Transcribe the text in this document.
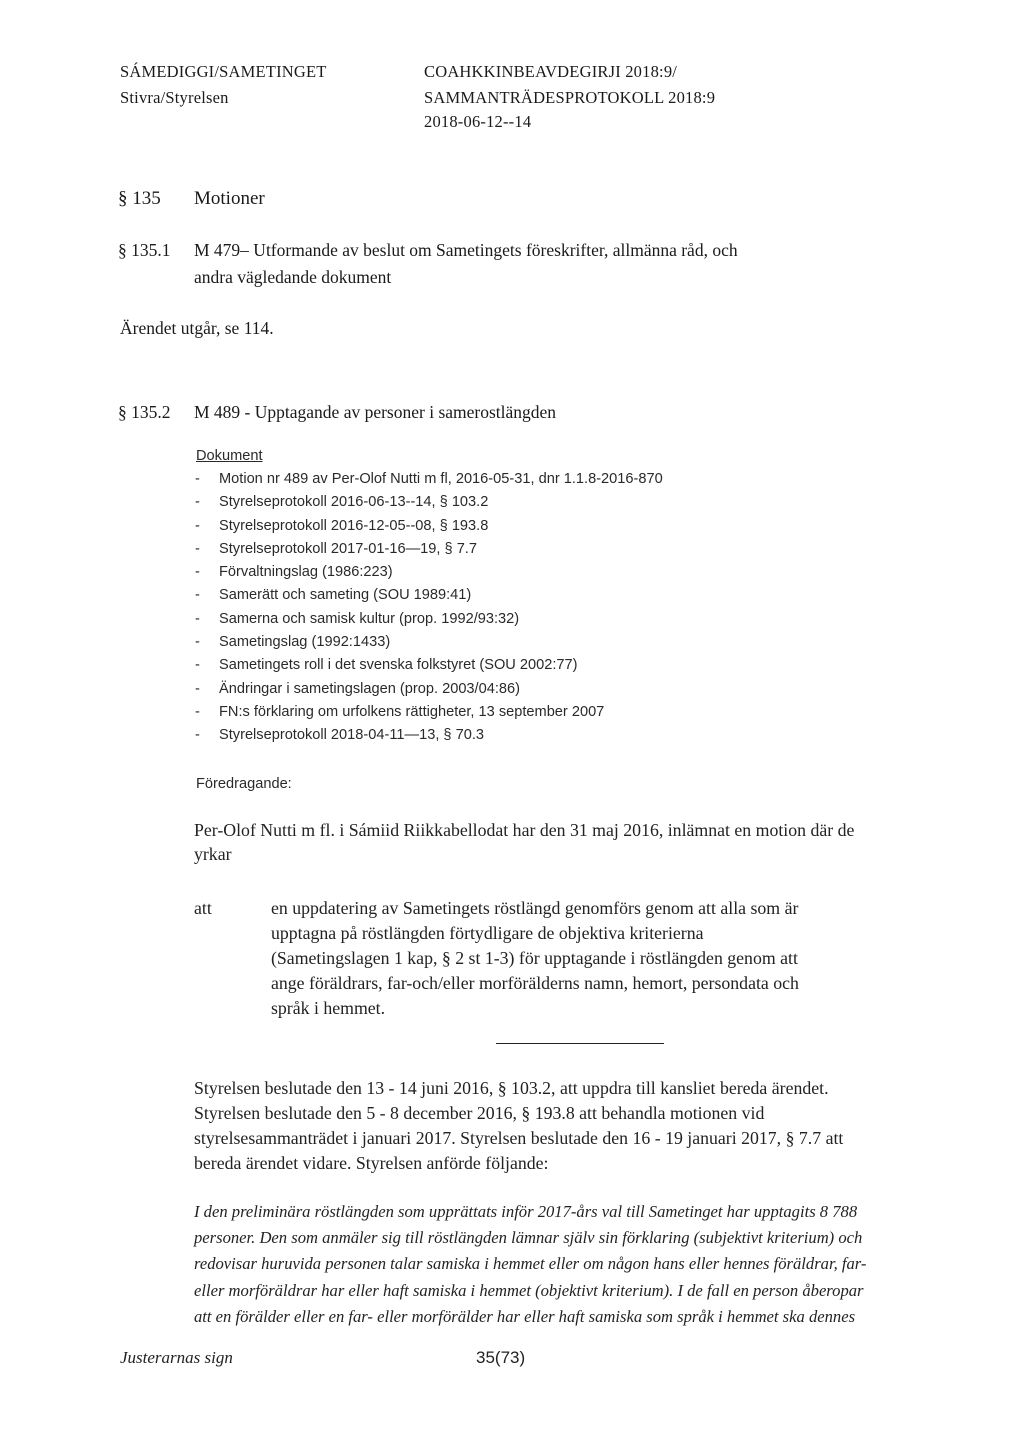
SÁMEDIGGI/SAMETINGET
Stivra/Styrelsen
COAHKKINBEAVDEGIRJI 2018:9/
SAMMANTRÄDESPROTOKOLL 2018:9
2018-06-12--14
§ 135 Motioner
§ 135.1 M 479– Utformande av beslut om Sametingets föreskrifter, allmänna råd, och
andra vägledande dokument
Ärendet utgår, se 114.
§ 135.2 M 489 - Upptagande av personer i samerostlängden
Dokument
- Motion nr 489 av Per-Olof Nutti m fl, 2016-05-31, dnr 1.1.8-2016-870
- Styrelseprotokoll 2016-06-13--14, § 103.2
- Styrelseprotokoll 2016-12-05--08, § 193.8
- Styrelseprotokoll 2017-01-16—19, § 7.7
- Förvaltningslag (1986:223)
- Samerätt och sameting (SOU 1989:41)
- Samerna och samisk kultur (prop. 1992/93:32)
- Sametingslag (1992:1433)
- Sametingets roll i det svenska folkstyret (SOU 2002:77)
- Ändringar i sametingslagen (prop. 2003/04:86)
- FN:s förklaring om urfolkens rättigheter, 13 september 2007
- Styrelseprotokoll 2018-04-11—13, § 70.3
Föredragande:
Per-Olof Nutti m fl. i Sámiid Riikkabellodat har den 31 maj 2016, inlämnat en motion där de
yrkar
att	en uppdatering av Sametingets röstlängd genomförs genom att alla som är
upptagna på röstlängden förtydligare de objektiva kriterierna
(Sametingslagen 1 kap, § 2 st 1-3) för upptagande i röstlängden genom att
ange föräldrars, far-och/eller morförälderns namn, hemort, persondata och
språk i hemmet.
Styrelsen beslutade den 13 - 14 juni 2016, § 103.2, att uppdra till kansliet bereda ärendet.
Styrelsen beslutade den 5 - 8 december 2016, § 193.8 att behandla motionen vid
styrelsesammanträdet i januari 2017. Styrelsen beslutade den 16 - 19 januari 2017, § 7.7 att
bereda ärendet vidare. Styrelsen anförde följande:
I den preliminära röstlängden som upprättats inför 2017-års val till Sametinget har upptagits 8 788
personer. Den som anmäler sig till röstlängden lämnar själv sin förklaring (subjektivt kriterium) och
redovisar huruvida personen talar samiska i hemmet eller om någon hans eller hennes föräldrar, far-
eller morföräldrar har eller haft samiska i hemmet (objektivt kriterium). I de fall en person åberopar
att en förälder eller en far- eller morförälder har eller haft samiska som språk i hemmet ska dennes
Justerarnas sign	35(73)
